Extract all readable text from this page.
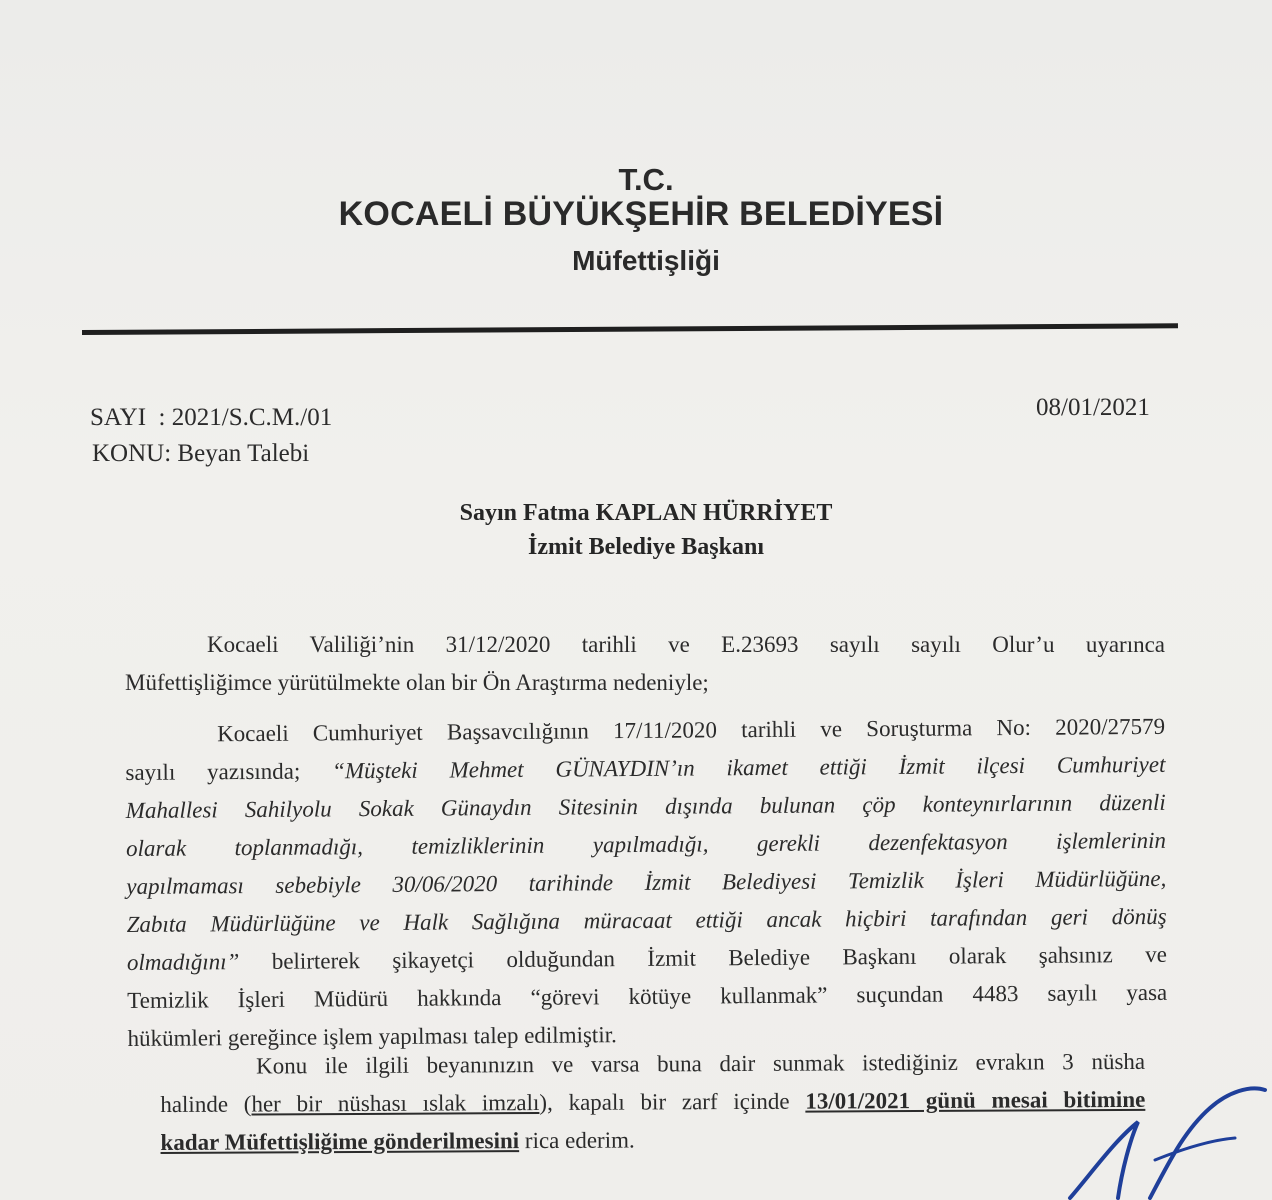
T.C.
KOCAELİ BÜYÜKŞEHİR BELEDİYESİ
Müfettişliği
SAYI  : 2021/S.C.M./01
KONU: Beyan Talebi
08/01/2021
Sayın Fatma KAPLAN HÜRRİYET
İzmit Belediye Başkanı
Kocaeli Valiliği’nin 31/12/2020 tarihli ve E.23693 sayılı sayılı Olur’u uyarınca
Müfettişliğimce yürütülmekte olan bir Ön Araştırma nedeniyle;
Kocaeli Cumhuriyet Başsavcılığının 17/11/2020 tarihli ve Soruşturma No: 2020/27579
sayılı yazısında; “Müşteki Mehmet GÜNAYDIN’ın ikamet ettiği İzmit ilçesi Cumhuriyet
Mahallesi Sahilyolu Sokak Günaydın Sitesinin dışında bulunan çöp konteynırlarının düzenli
olarak toplanmadığı, temizliklerinin yapılmadığı, gerekli dezenfektasyon işlemlerinin
yapılmaması sebebiyle 30/06/2020 tarihinde İzmit Belediyesi Temizlik İşleri Müdürlüğüne,
Zabıta Müdürlüğüne ve Halk Sağlığına müracaat ettiği ancak hiçbiri tarafından geri dönüş
olmadığını” belirterek şikayetçi olduğundan İzmit Belediye Başkanı olarak şahsınız ve
Temizlik İşleri Müdürü hakkında “görevi kötüye kullanmak” suçundan 4483 sayılı yasa
hükümleri gereğince işlem yapılması talep edilmiştir.
Konu ile ilgili beyanınızın ve varsa buna dair sunmak istediğiniz evrakın 3 nüsha
halinde (her bir nüshası ıslak imzalı), kapalı bir zarf içinde 13/01/2021 günü mesai bitimine
kadar Müfettişliğime gönderilmesini rica ederim.
